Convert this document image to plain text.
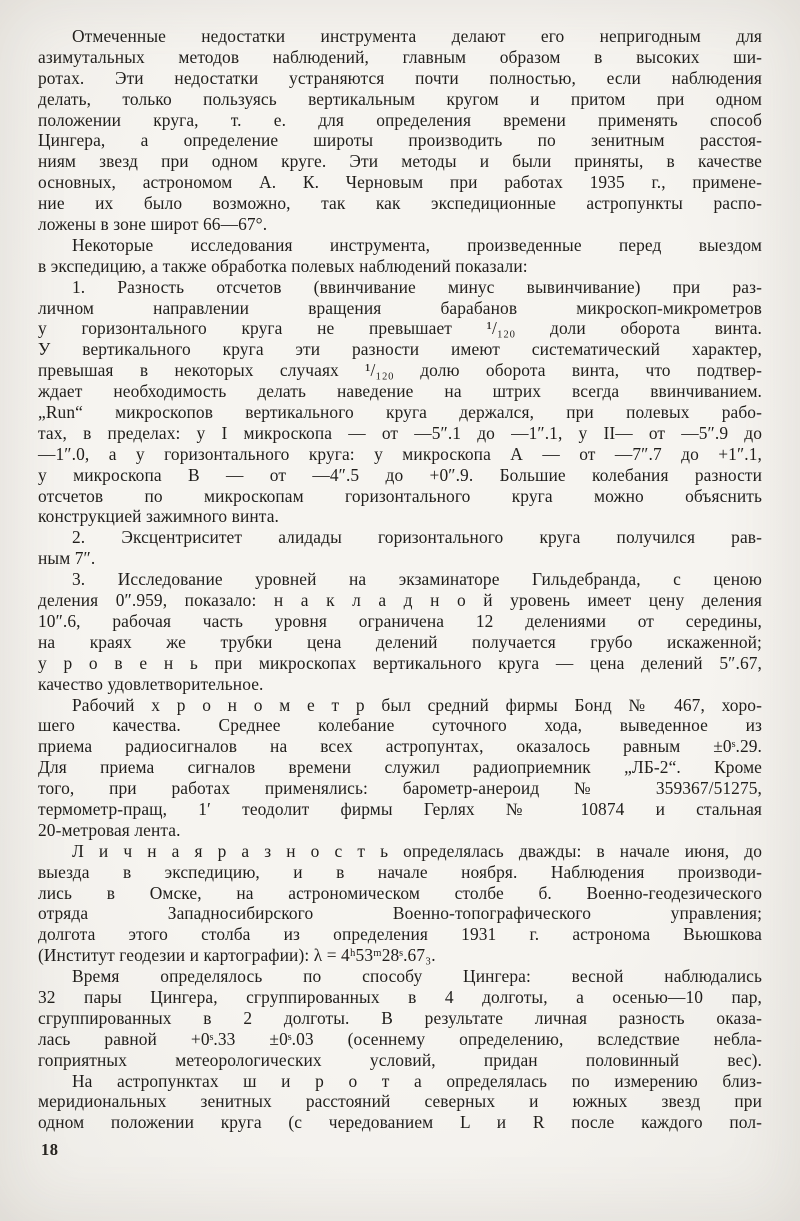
Отмеченные недостатки инструмента делают его непригодным для
азимутальных методов наблюдений, главным образом в высоких ши-
ротах. Эти недостатки устраняются почти полностью, если наблюдения
делать, только пользуясь вертикальным кругом и притом при одном
положении круга, т. е. для определения времени применять способ
Цингера, а определение широты производить по зенитным расстоя-
ниям звезд при одном круге. Эти методы и были приняты, в качестве
основных, астрономом А. К. Черновым при работах 1935 г., примене-
ние их было возможно, так как экспедиционные астропункты распо-
ложены в зоне широт 66—67°.
Некоторые исследования инструмента, произведенные перед выездом
в экспедицию, а также обработка полевых наблюдений показали:
1. Разность отсчетов (ввинчивание минус вывинчивание) при раз-
личном направлении вращения барабанов микроскоп-микрометров
у горизонтального круга не превышает ¹/₁₂₀ доли оборота винта.
У вертикального круга эти разности имеют систематический характер,
превышая в некоторых случаях ¹/₁₂₀ долю оборота винта, что подтвер-
ждает необходимость делать наведение на штрих всегда ввинчиванием.
„Run“ микроскопов вертикального круга держался, при полевых рабо-
тах, в пределах: у I микроскопа — от —5″.1 до —1″.1, у II— от —5″.9 до
—1″.0, а у горизонтального круга: у микроскопа А — от —7″.7 до +1″.1,
у микроскопа В — от —4″.5 до +0″.9. Большие колебания разности
отсчетов по микроскопам горизонтального круга можно объяснить
конструкцией зажимного винта.
2. Эксцентриситет алидады горизонтального круга получился рав-
ным 7″.
3. Исследование уровней на экзаминаторе Гильдебранда, с ценою
деления 0″.959, показало: н а к л а д н о й уровень имеет цену деления
10″.6, рабочая часть уровня ограничена 12 делениями от середины,
на краях же трубки цена делений получается грубо искаженной;
у р о в е н ь при микроскопах вертикального круга — цена делений 5″.67,
качество удовлетворительное.
Рабочий х р о н о м е т р был средний фирмы Бонд № 467, хоро-
шего качества. Среднее колебание суточного хода, выведенное из
приема радиосигналов на всех астропунтах, оказалось равным ±0ˢ.29.
Для приема сигналов времени служил радиоприемник „ЛБ-2“. Кроме
того, при работах применялись: барометр-анероид № 359367/51275,
термометр-пращ, 1′ теодолит фирмы Герлях № 10874 и стальная
20-метровая лента.
Л и ч н а я р а з н о с т ь определялась дважды: в начале июня, до
выезда в экспедицию, и в начале ноября. Наблюдения производи-
лись в Омске, на астрономическом столбе б. Военно-геодезического
отряда Западносибирского Военно-топографического управления;
долгота этого столба из определения 1931 г. астронома Вьюшкова
(Институт геодезии и картографии): λ = 4ʰ53ᵐ28ˢ.67₃.
Время определялось по способу Цингера: весной наблюдались
32 пары Цингера, сгруппированных в 4 долготы, а осенью—10 пар,
сгруппированных в 2 долготы. В результате личная разность оказа-
лась равной +0ˢ.33 ±0ˢ.03 (осеннему определению, вследствие небла-
гоприятных метеорологических условий, придан половинный вес).
На астропунктах ш и р о т а определялась по измерению близ-
меридиональных зенитных расстояний северных и южных звезд при
одном положении круга (с чередованием L и R после каждого пол-
18
